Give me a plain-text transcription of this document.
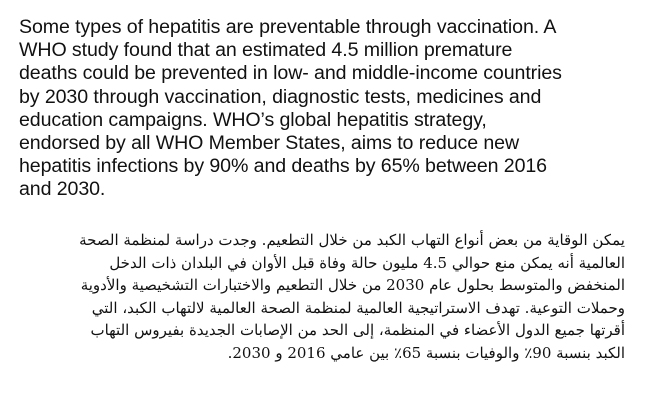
Some types of hepatitis are preventable through vaccination. A
WHO study found that an estimated 4.5 million premature
deaths could be prevented in low- and middle-income countries
by 2030 through vaccination, diagnostic tests, medicines and
education campaigns. WHO’s global hepatitis strategy,
endorsed by all WHO Member States, aims to reduce new
hepatitis infections by 90% and deaths by 65% between 2016
and 2030.
يمكن الوقاية من بعض أنواع التهاب الكبد من خلال التطعيم. وجدت دراسة لمنظمة الصحة
العالمية أنه يمكن منع حوالي 4.5 مليون حالة وفاة قبل الأوان في البلدان ذات الدخل
المنخفض والمتوسط بحلول عام 2030 من خلال التطعيم والاختبارات التشخيصية والأدوية
وحملات التوعية. تهدف الاستراتيجية العالمية لمنظمة الصحة العالمية لالتهاب الكبد، التي
أقرتها جميع الدول الأعضاء في المنظمة، إلى الحد من الإصابات الجديدة بفيروس التهاب
الكبد بنسبة 90٪ والوفيات بنسبة 65٪ بين عامي 2016 و 2030.
